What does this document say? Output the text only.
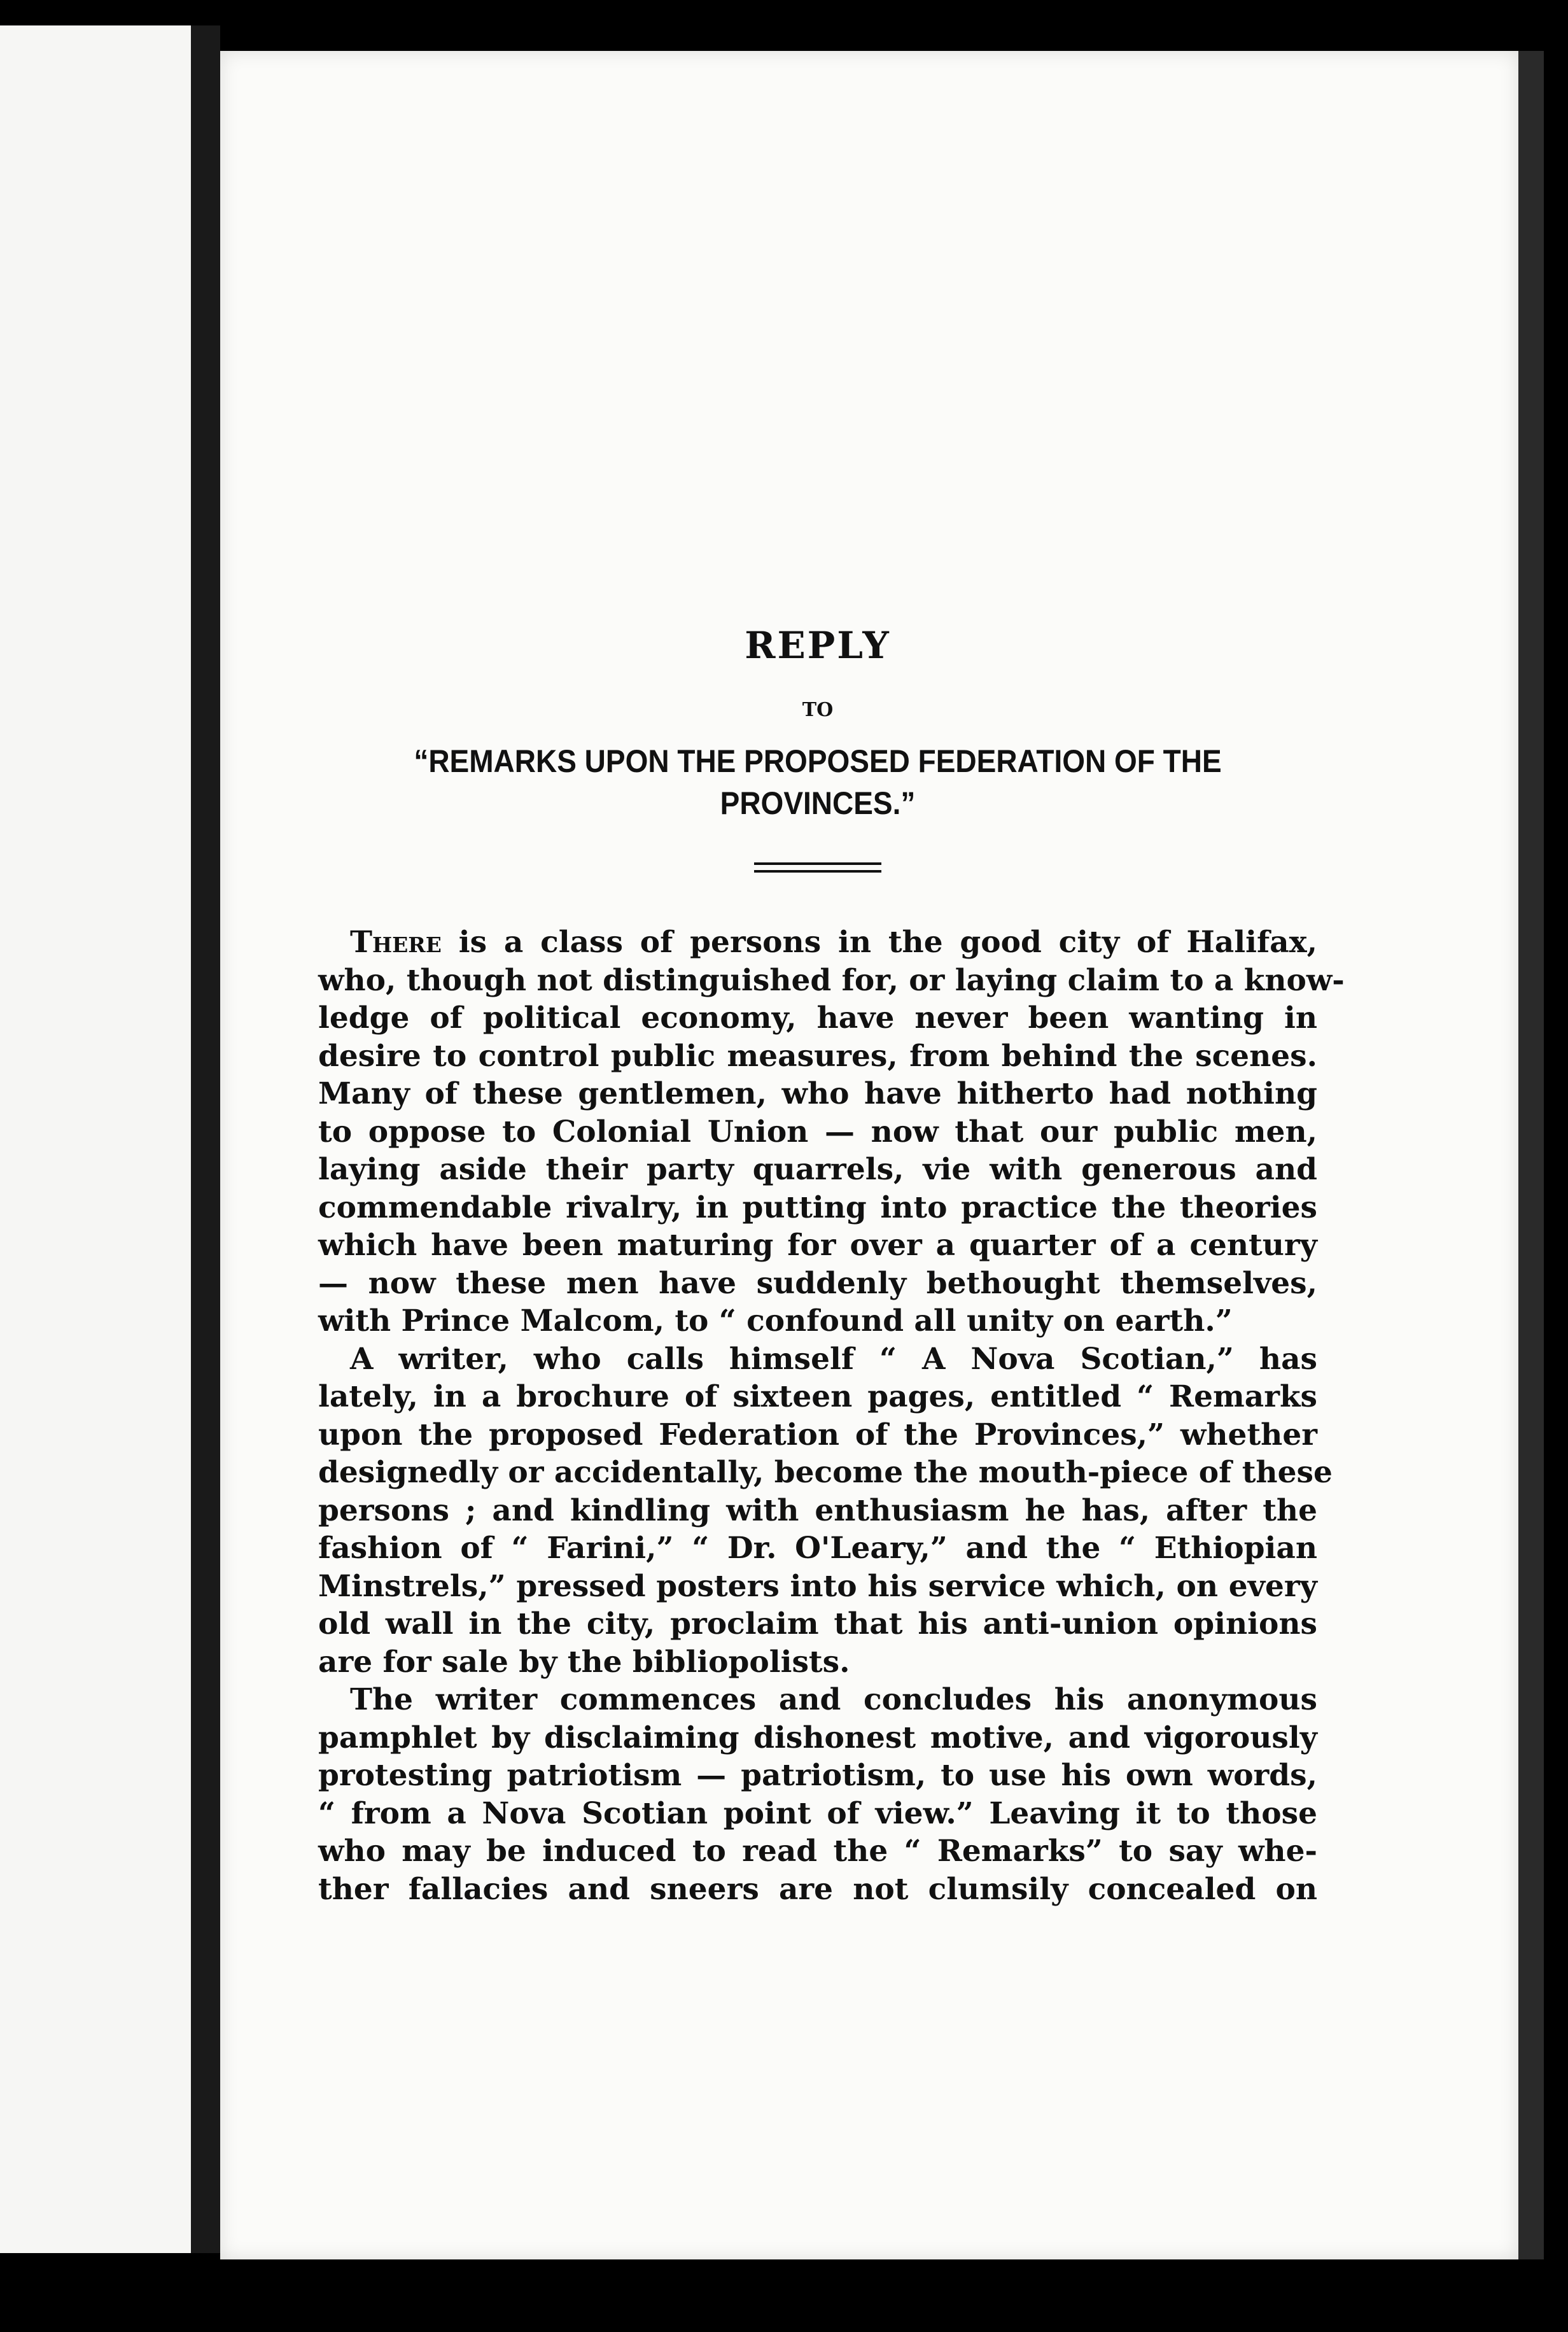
REPLY
TO
“REMARKS UPON THE PROPOSED FEDERATION OF THE
PROVINCES.”

There is a class of persons in the good city of Halifax,
who, though not distinguished for, or laying claim to a know-
ledge of political economy, have never been wanting in
desire to control public measures, from behind the scenes.
Many of these gentlemen, who have hitherto had nothing
to oppose to Colonial Union — now that our public men,
laying aside their party quarrels, vie with generous and
commendable rivalry, in putting into practice the theories
which have been maturing for over a quarter of a century
— now these men have suddenly bethought themselves,
with Prince Malcom, to “ confound all unity on earth.”

A writer, who calls himself “ A Nova Scotian,” has
lately, in a brochure of sixteen pages, entitled “ Remarks
upon the proposed Federation of the Provinces,” whether
designedly or accidentally, become the mouth-piece of these
persons ; and kindling with enthusiasm he has, after the
fashion of “ Farini,” “ Dr. O'Leary,” and the “ Ethiopian
Minstrels,” pressed posters into his service which, on every
old wall in the city, proclaim that his anti-union opinions
are for sale by the bibliopolists.

The writer commences and concludes his anonymous
pamphlet by disclaiming dishonest motive, and vigorously
protesting patriotism — patriotism, to use his own words,
“ from a Nova Scotian point of view.” Leaving it to those
who may be induced to read the “ Remarks” to say whe-
ther fallacies and sneers are not clumsily concealed on
